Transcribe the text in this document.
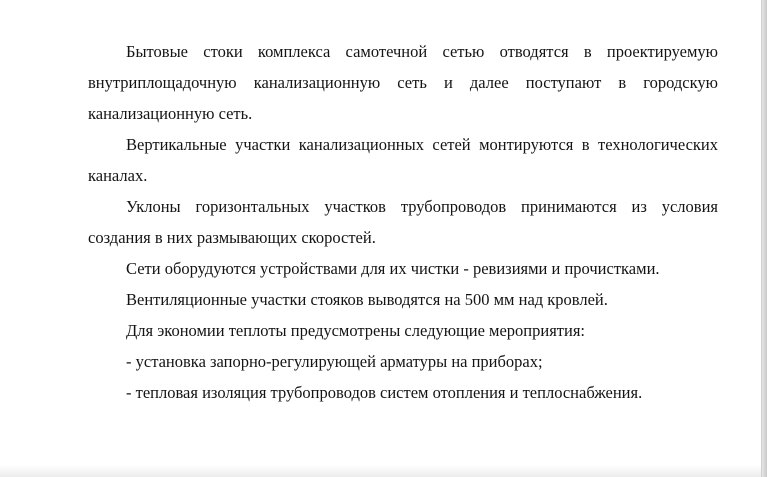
Бытовые стоки комплекса самотечной сетью отводятся в проектируемую внутриплощадочную канализационную сеть и далее поступают в городскую канализационную сеть.

Вертикальные участки канализационных сетей монтируются в технологических каналах.

Уклоны горизонтальных участков трубопроводов принимаются из условия создания в них размывающих скоростей.

Сети оборудуются устройствами для их чистки - ревизиями и прочистками.

Вентиляционные участки стояков выводятся на 500 мм над кровлей.

Для экономии теплоты предусмотрены следующие мероприятия:

- установка запорно-регулирующей арматуры на приборах;

- тепловая изоляция трубопроводов систем отопления и теплоснабжения.
